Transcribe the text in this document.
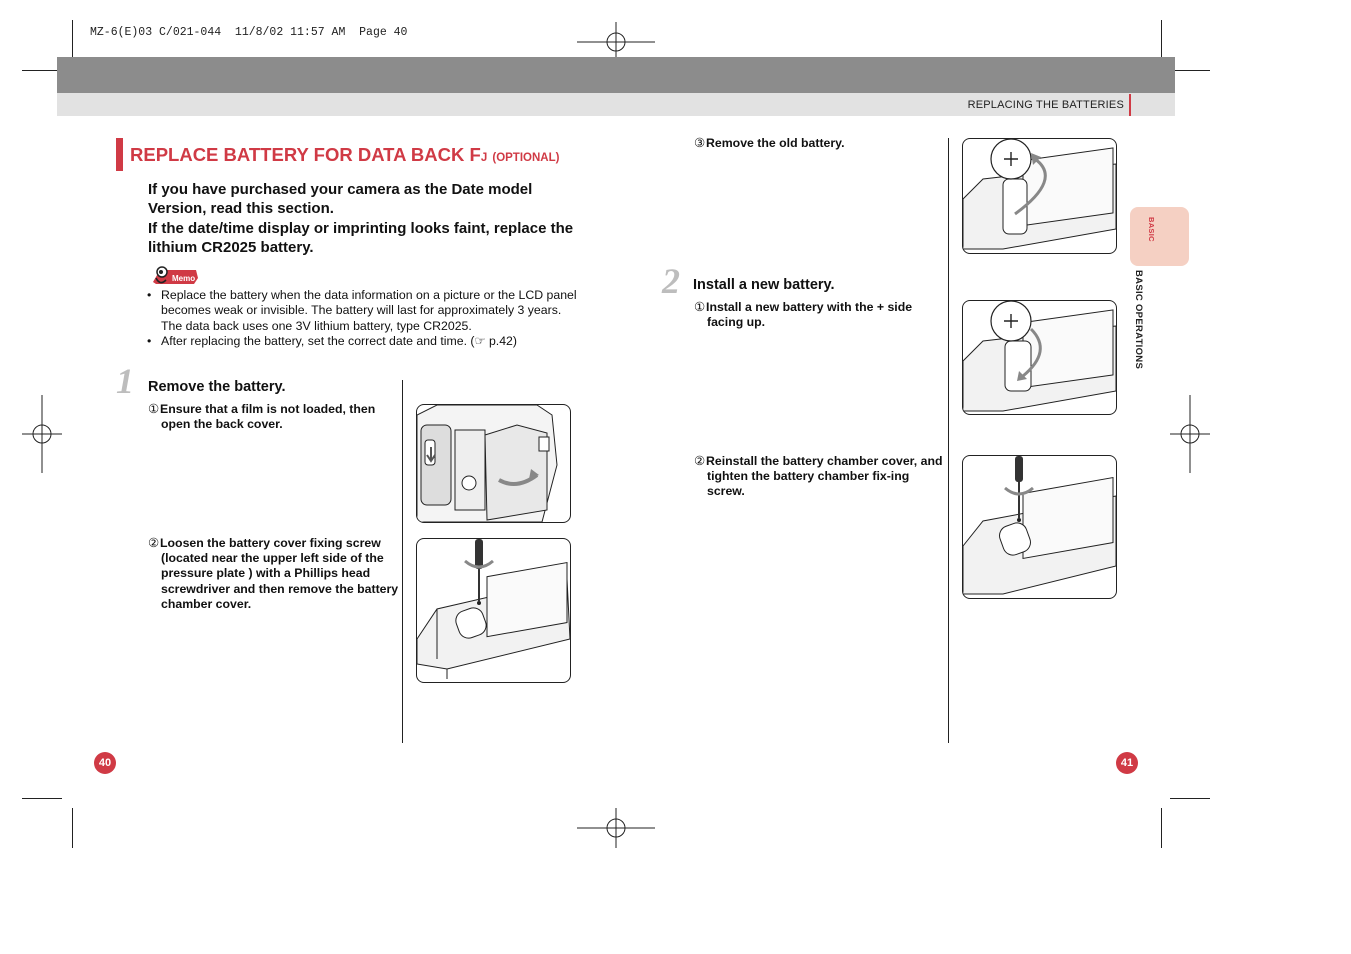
MZ-6(E)03 C/021-044  11/8/02 11:57 AM  Page 40
REPLACING THE BATTERIES
REPLACE BATTERY FOR DATA BACK FJ (OPTIONAL)

If you have purchased your camera as the Date model Version, read this section.

If the date/time display or imprinting looks faint, replace the lithium CR2025 battery.

Memo
• Replace the battery when the data information on a picture or the LCD panel becomes weak or invisible. The battery will last for approximately 3 years. The data back uses one 3V lithium battery, type CR2025.
• After replacing the battery, set the correct date and time. (☞ p.42)
1 Remove the battery.
①Ensure that a film is not loaded, then open the back cover.
②Loosen the battery cover fixing screw (located near the upper left side of the pressure plate ) with a Phillips head screwdriver and then remove the battery chamber cover.
③Remove the old battery.
2 Install a new battery.
①Install a new battery with the + side facing up.
②Reinstall the battery chamber cover, and tighten the battery chamber fix-ing screw.
BASIC
BASIC OPERATIONS
40	41
